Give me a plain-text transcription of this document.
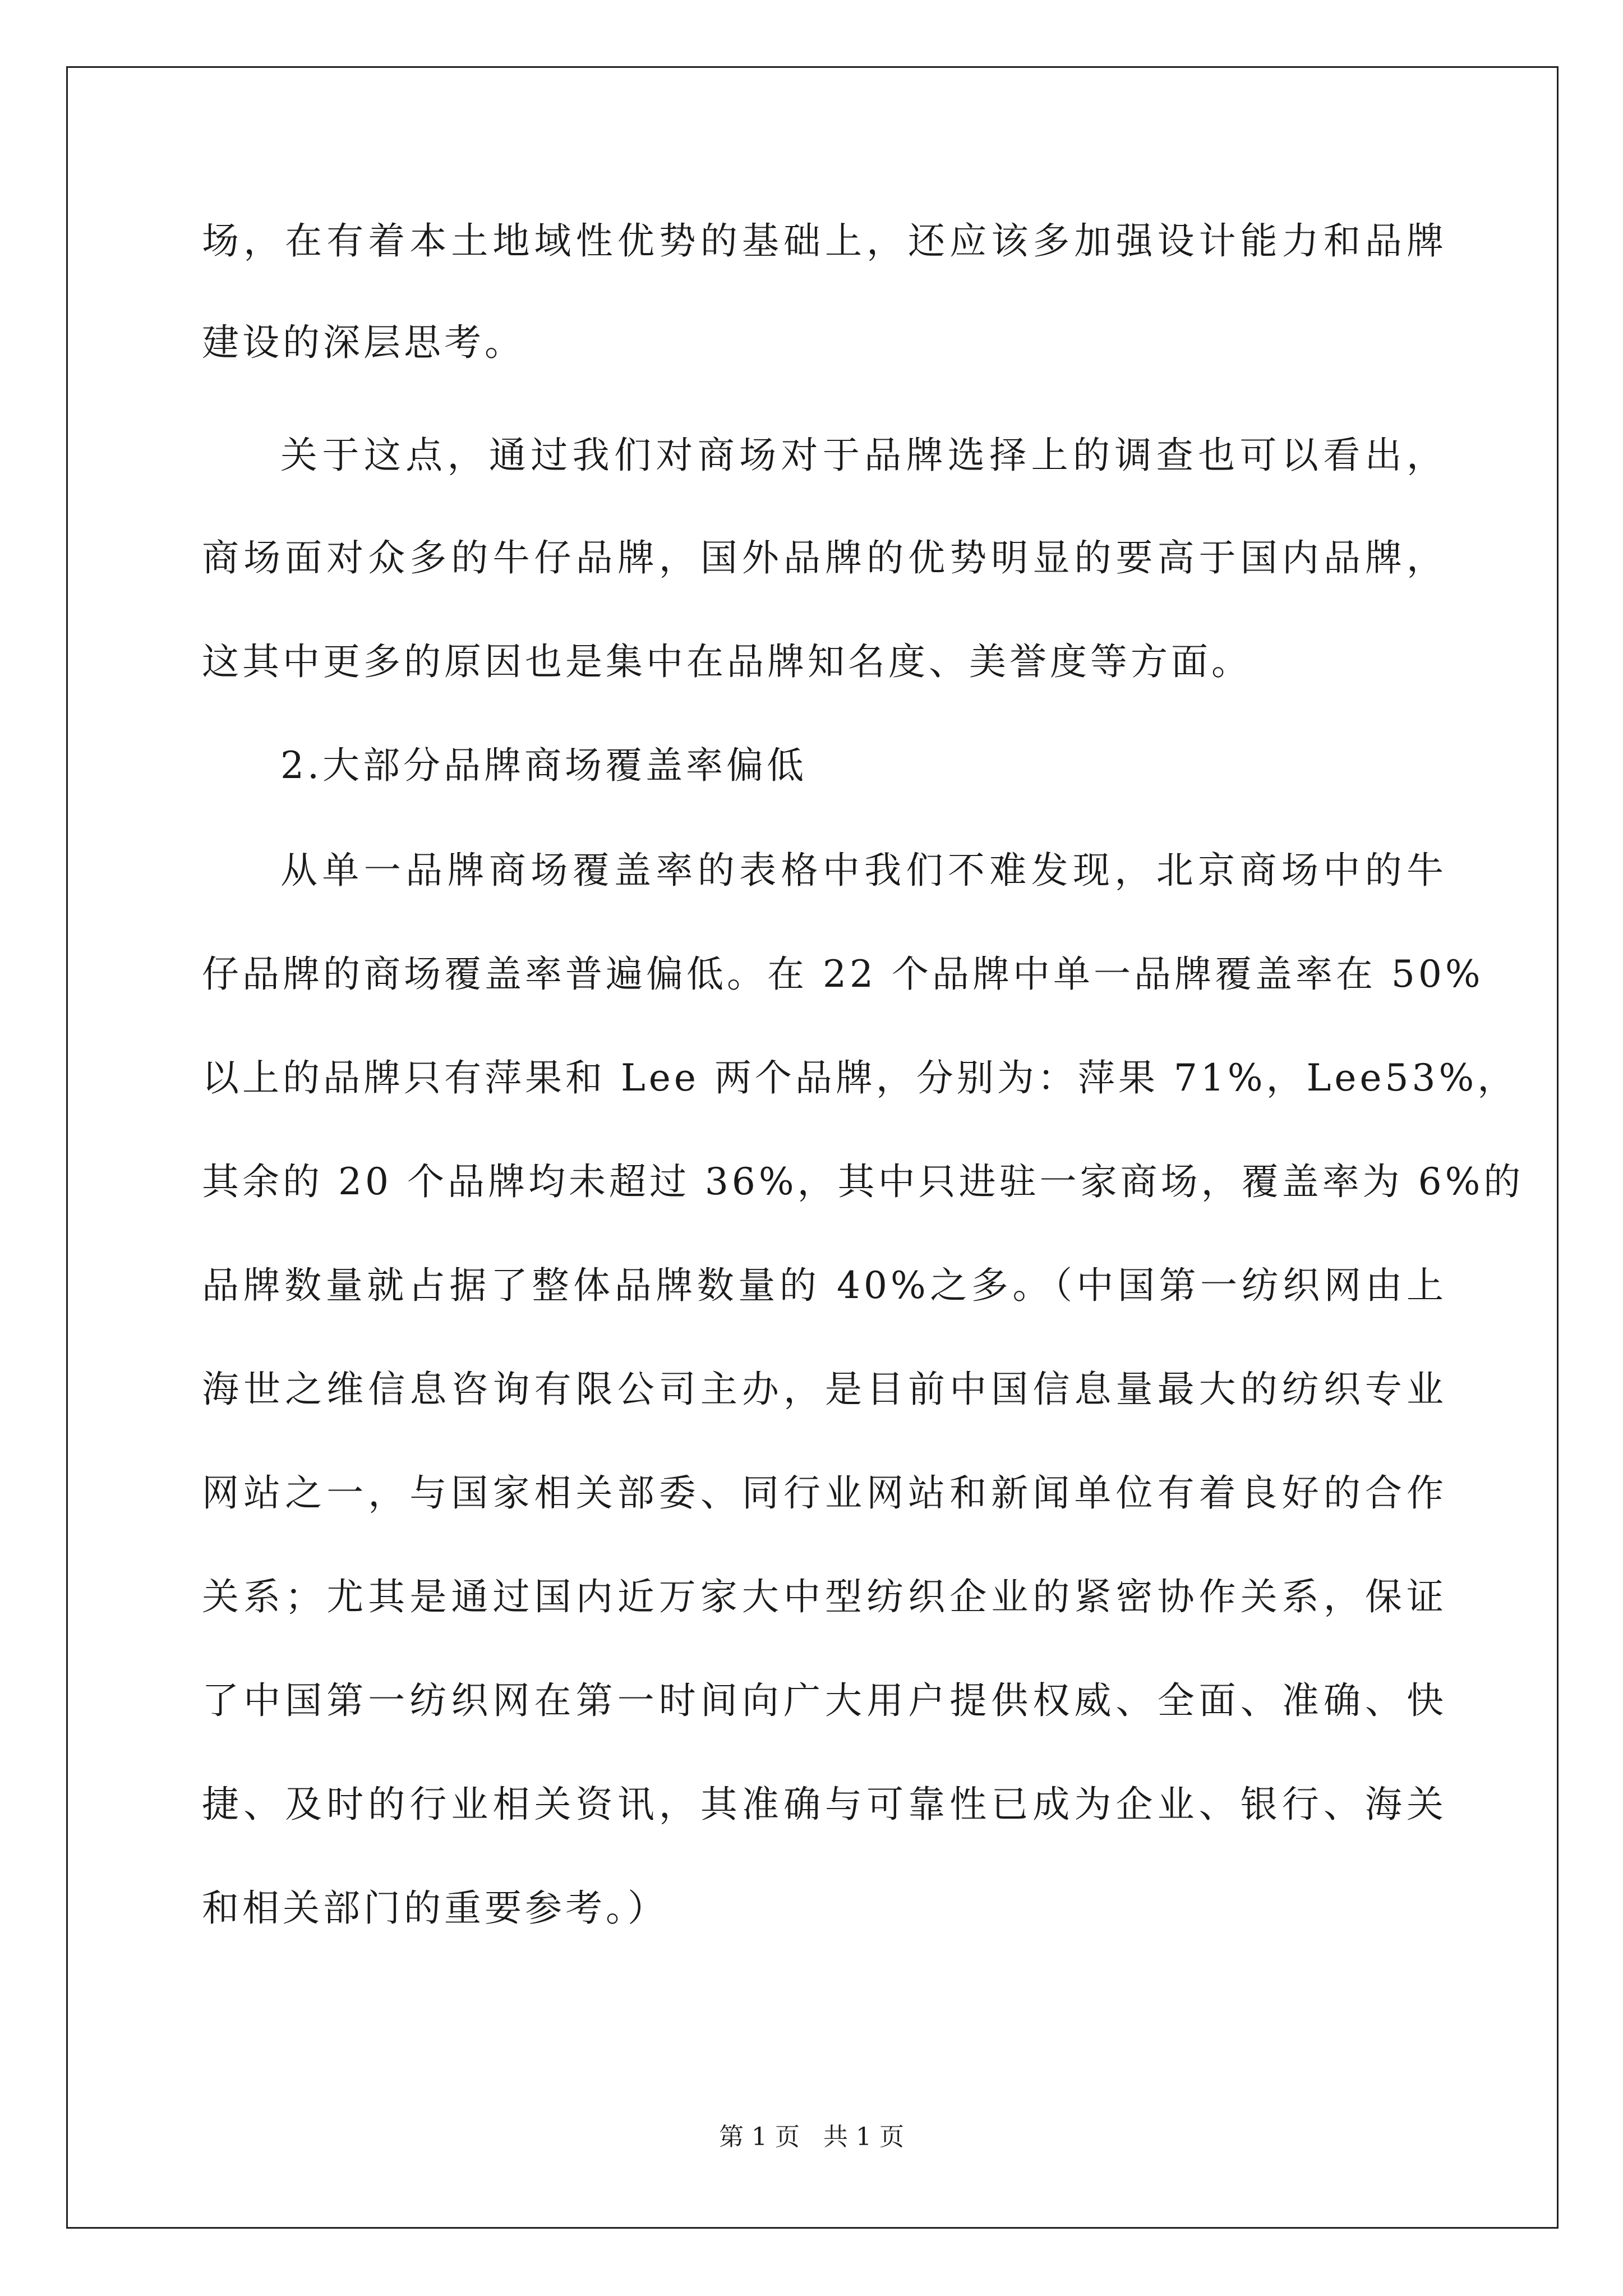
场，在有着本土地域性优势的基础上，还应该多加强设计能力和品牌
建设的深层思考。
关于这点，通过我们对商场对于品牌选择上的调查也可以看出，
商场面对众多的牛仔品牌，国外品牌的优势明显的要高于国内品牌，
这其中更多的原因也是集中在品牌知名度、美誉度等方面。
2.大部分品牌商场覆盖率偏低
从单一品牌商场覆盖率的表格中我们不难发现，北京商场中的牛
仔品牌的商场覆盖率普遍偏低。在 22 个品牌中单一品牌覆盖率在 50%
以上的品牌只有萍果和 Lee 两个品牌，分别为：萍果 71%，Lee53%，
其余的 20 个品牌均未超过 36%，其中只进驻一家商场，覆盖率为 6%的
品牌数量就占据了整体品牌数量的 40%之多。（中国第一纺织网由上
海世之维信息咨询有限公司主办，是目前中国信息量最大的纺织专业
网站之一，与国家相关部委、同行业网站和新闻单位有着良好的合作
关系；尤其是通过国内近万家大中型纺织企业的紧密协作关系，保证
了中国第一纺织网在第一时间向广大用户提供权威、全面、准确、快
捷、及时的行业相关资讯，其准确与可靠性已成为企业、银行、海关
和相关部门的重要参考。）
第 1 页   共 1 页
